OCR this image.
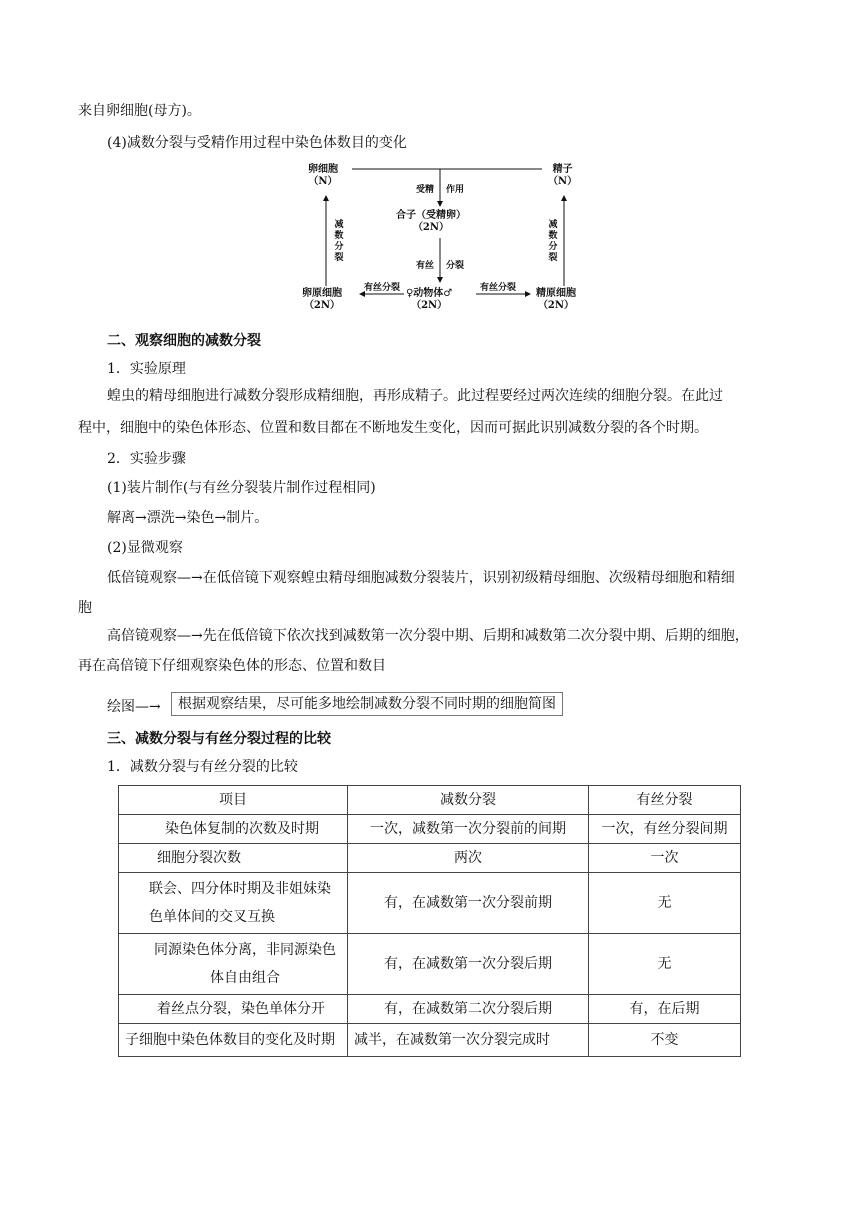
来自卵细胞(母方)。
(4)减数分裂与受精作用过程中染色体数目的变化
卵细胞
（N）
精子
（N）
受精 作用
合子（受精卵）
（2N）
有丝 分裂
减数分裂
减数分裂
卵原细胞
（2N）
有丝分裂 ♀动物体♂
（2N）
有丝分裂 精原细胞
（2N）
二、观察细胞的减数分裂
1．实验原理
蝗虫的精母细胞进行减数分裂形成精细胞，再形成精子。此过程要经过两次连续的细胞分裂。在此过
程中，细胞中的染色体形态、位置和数目都在不断地发生变化，因而可据此识别减数分裂的各个时期。
2．实验步骤
(1)装片制作(与有丝分裂装片制作过程相同)
解离→漂洗→染色→制片。
(2)显微观察
低倍镜观察—→在低倍镜下观察蝗虫精母细胞减数分裂装片，识别初级精母细胞、次级精母细胞和精细
胞
高倍镜观察—→先在低倍镜下依次找到减数第一次分裂中期、后期和减数第二次分裂中期、后期的细胞，
再在高倍镜下仔细观察染色体的形态、位置和数目
绘图—→	根据观察结果，尽可能多地绘制减数分裂不同时期的细胞简图
三、减数分裂与有丝分裂过程的比较
1．减数分裂与有丝分裂的比较
项目	减数分裂	有丝分裂
染色体复制的次数及时期	一次，减数第一次分裂前的间期	一次，有丝分裂间期
细胞分裂次数	两次	一次
联会、四分体时期及非姐妹染色单体间的交叉互换	有，在减数第一次分裂前期	无
同源染色体分离，非同源染色体自由组合	有，在减数第一次分裂后期	无
着丝点分裂，染色单体分开	有，在减数第二次分裂后期	有，在后期
子细胞中染色体数目的变化及时期	减半，在减数第一次分裂完成时	不变
